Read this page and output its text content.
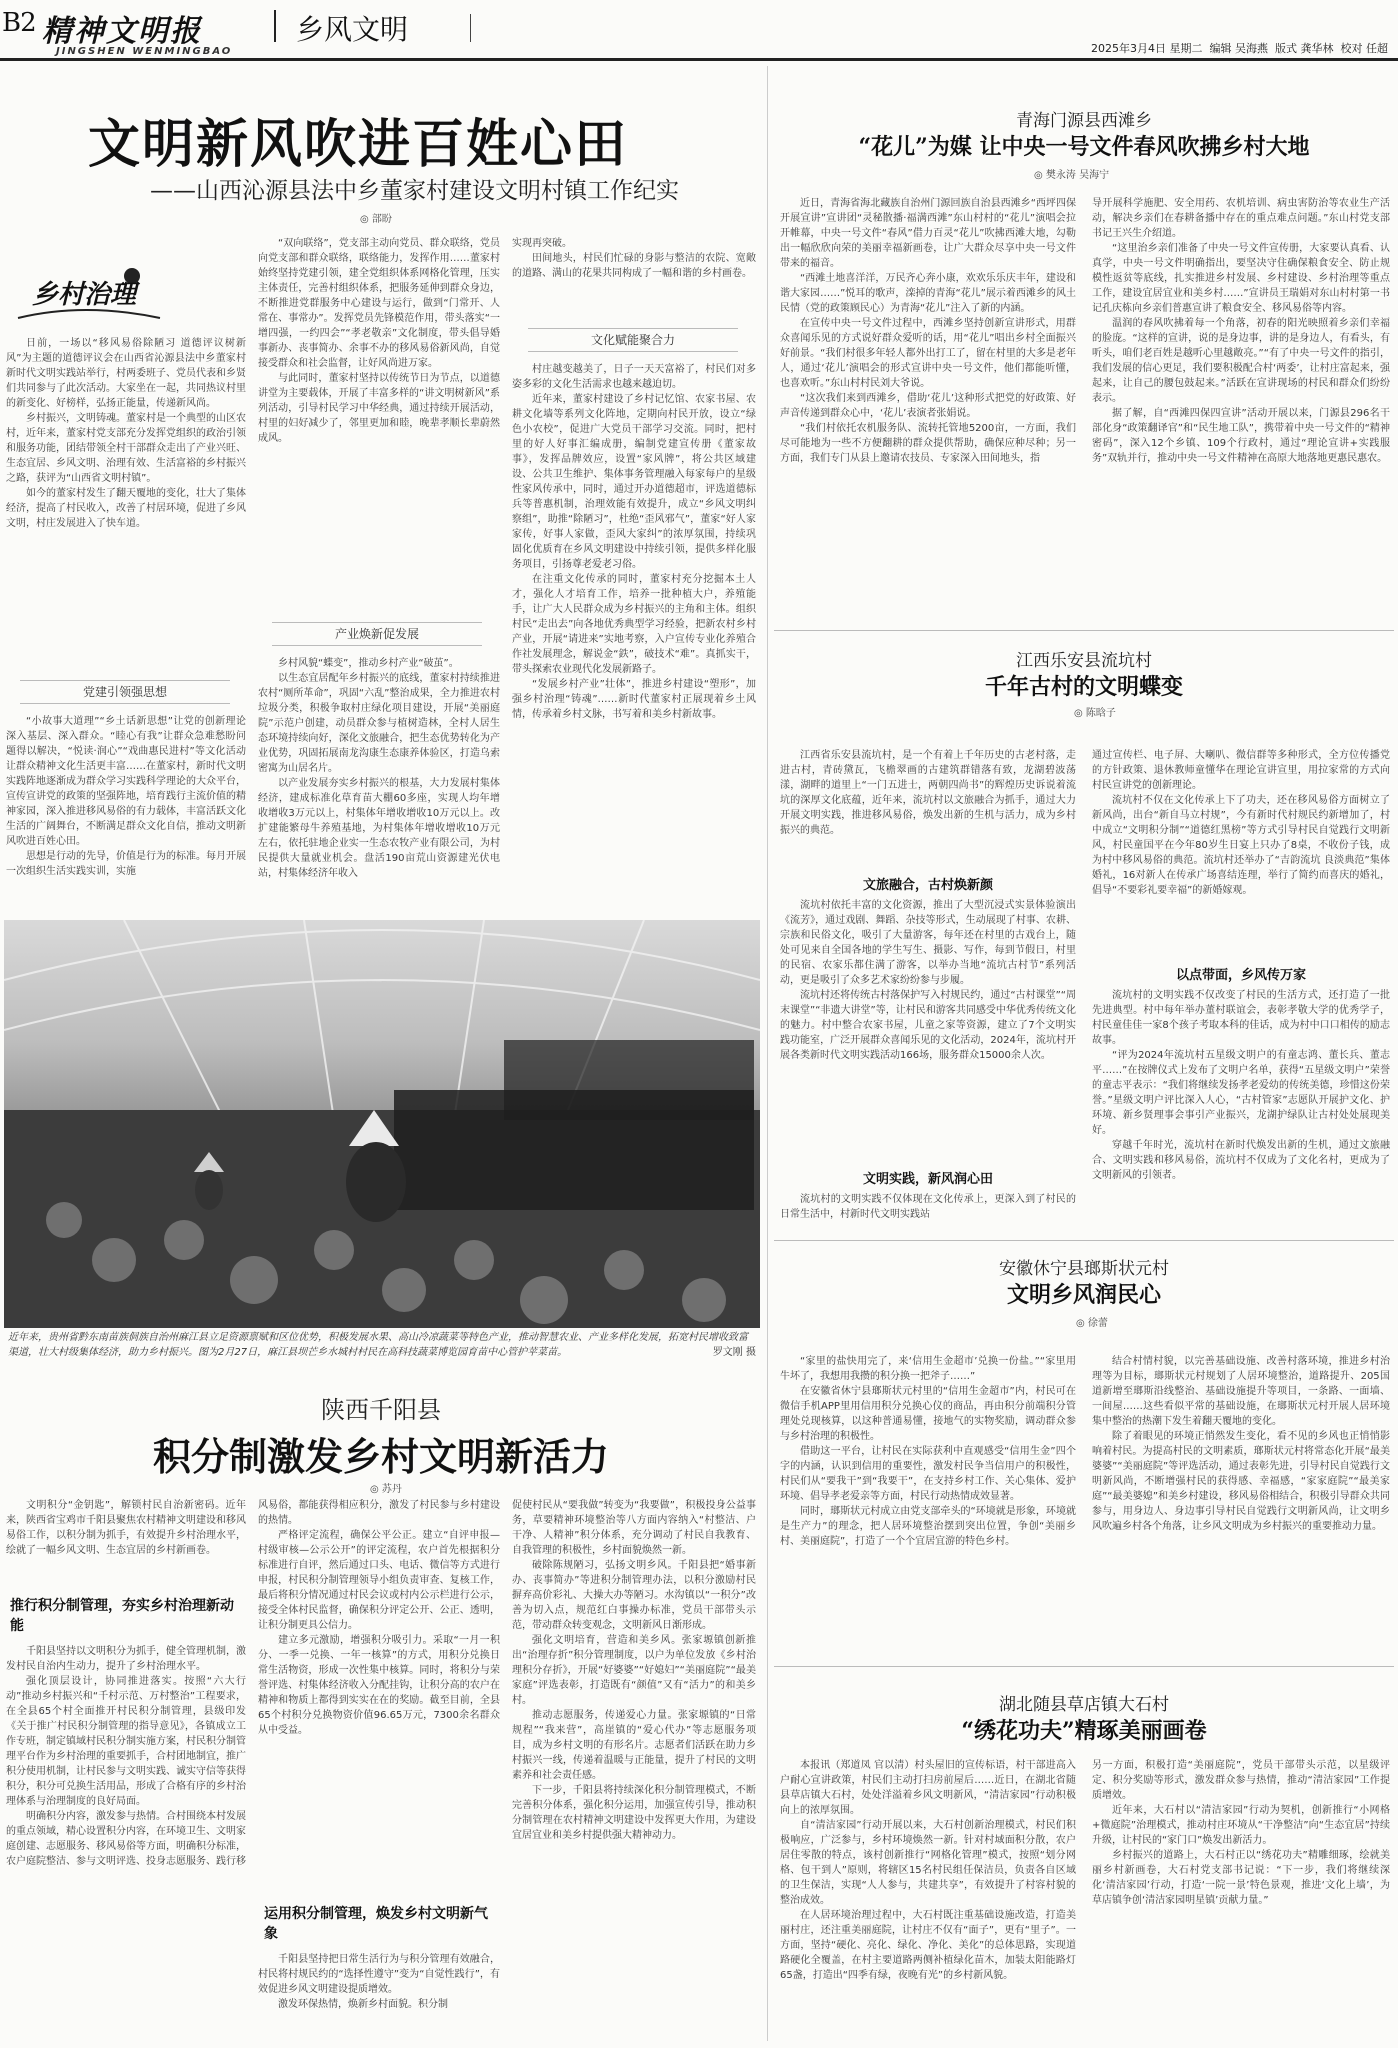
B2 精神文明报
JINGSHEN WENMINGBAO
乡风文明
2025年3月4日 星期二 编辑 吴海燕 版式 龚华林 校对 任超
文明新风吹进百姓心田
——山西沁源县法中乡董家村建设文明村镇工作纪实
◎ 部盼
乡村治理

日前，一场以“移风易俗除陋习 道德评议树新风”为主题的道德评议会在山西省沁源县法中乡董家村新时代文明实践站举行，村两委班子、党员代表和乡贤们共同参与了此次活动。大家坐在一起，共同热议村里的新变化、好榜样，弘扬正能量，传递新风尚。

乡村振兴，文明铸魂。董家村是一个典型的山区农村，近年来，董家村党支部充分发挥党组织的政治引领和服务功能，团结带领全村干部群众走出了产业兴旺、生态宜居、乡风文明、治理有效、生活富裕的乡村振兴之路，获评为“山西省文明村镇”。

如今的董家村发生了翻天覆地的变化，壮大了集体经济，提高了村民收入，改善了村居环境，促进了乡风文明，村庄发展进入了快车道。

党建引领强思想

“小故事大道理”“乡土话新思想”让党的创新理论深入基层、深入群众。“睦心有我”让群众急难愁盼问题得以解决，“悦读·润心”“戏曲惠民进村”等文化活动让群众精神文化生活更丰富……在董家村，新时代文明实践阵地逐渐成为群众学习实践科学理论的大众平台，宣传宣讲党的政策的坚强阵地，培育践行主流价值的精神家园，深入推进移风易俗的有力载体，丰富活跃文化生活的广阔舞台，不断满足群众文化自信，推动文明新风吹进百姓心田。

思想是行动的先导，价值是行为的标准。每月开展一次组织生活实践实训，实施

“双向联络”，党支部主动向党员、群众联络，党员向党支部和群众联络，联络能力，发挥作用……董家村始终坚持党建引领，建全党组织体系网格化管理，压实主体责任，完善村组织体系，把服务延伸到群众身边，不断推进党群服务中心建设与运行，做到“门常开、人常在、事常办”。发挥党员先锋模范作用，带头落实“一增四强，一约四会”“孝老敬亲”文化制度，带头倡导婚事新办、丧事简办、余事不办的移风易俗新风尚，自觉接受群众和社会监督，让好风尚进万家。

与此同时，董家村坚持以传统节日为节点，以道德讲堂为主要载体，开展了丰富多样的“讲文明树新风”系列活动，引导村民学习中华经典，通过持续开展活动，村里的妇好减少了，邻里更加和睦，晚辈孝顺长辈蔚然成风。

产业焕新促发展

乡村风貌“蝶变”，推动乡村产业“破茧”。

以生态宜居配年乡村振兴的底线，董家村持续推进农村“厕所革命”，巩固“六乱”整治成果，全力推进农村垃圾分类，积极争取村庄绿化项目建设，开展“美丽庭院”示范户创建，动员群众参与植树造林，全村人居生态环境持续向好，深化文旅融合，把生态优势转化为产业优势，巩固拓展南龙沟康生态康养体验区，打造乌索密寓为山居名片。

以产业发展夯实乡村振兴的根基，大力发展村集体经济，建成标准化草育苗大棚60多座，实现人均年增收增收3万元以上，村集体年增收增收10万元以上。改扩建能繁母牛养殖基地，为村集体年增收增收10万元左右，依托驻地企业实一生态农牧产业有限公司，为村民提供大量就业机会。盘活190亩荒山资源建光伏电站，村集体经济年收入

实现再突破。

田间地头，村民们忙碌的身影与整洁的农院、宽敞的道路、满山的花果共同构成了一幅和谐的乡村画卷。

文化赋能聚合力

村庄越变越美了，日子一天天富裕了，村民们对多姿多彩的文化生活需求也越来越迫切。

近年来，董家村建设了乡村记忆馆、农家书屋、农耕文化墙等系列文化阵地，定期向村民开放，设立“绿色小农校”，促进广大党员干部学习交流。同时，把村里的好人好事汇编成册，编制党建宣传册《董家故事》，发挥品牌效应，设置“家风牌”，将公共区域建设、公共卫生维护、集体事务管理融入每家每户的星级性家风传承中，同时，通过开办道德超市，评选道德标兵等普惠机制，治理效能有效提升，成立“乡风文明纠察组”，助推“除陋习”，杜绝“歪风邪气”，董家“好人家家传，好事人家做，歪风大家纠”的浓厚氛围，持续巩固化优质育在乡风文明建设中持续引领，提供多样化服务项目，引扬尊老爱老习俗。

在注重文化传承的同时，董家村充分挖掘本土人才，强化人才培育工作，培养一批种植大户，养殖能手，让广大人民群众成为乡村振兴的主角和主体。组织村民“走出去”向各地优秀典型学习经验，把新农村乡村产业，开展“请进来”实地考察，入户宣传专业化养殖合作社发展理念，解说金“鉄”，破技术“难”。真抓实干，带头探索农业现代化发展新路子。

“发展乡村产业”壮体”，推进乡村建设“塑形”，加强乡村治理“铸魂”……新时代董家村正展现着乡土风情，传承着乡村文脉，书写着和美乡村新故事。

近年来，贵州省黔东南苗族侗族自治州麻江县立足资源禀赋和区位优势，积极发展水果、高山冷凉蔬菜等特色产业，推动智慧农业、产业多样化发展，拓宽村民增收致富渠道，壮大村级集体经济，助力乡村振兴。图为2月27日，麻江县坝芒乡水城村村民在高科技蔬菜博览园育苗中心管护苹菜苗。	罗文刚 摄
陕西千阳县
积分制激发乡村文明新活力
◎ 苏丹

文明积分“金钥匙”，解锁村民自治新密码。近年来，陕西省宝鸡市千阳县聚焦农村精神文明建设和移风易俗工作，以积分制为抓手，有效提升乡村治理水平，绘就了一幅乡风文明、生态宜居的乡村新画卷。

推行积分制管理，夯实乡村治理新动能

千阳县坚持以文明积分为抓手，健全管理机制，激发村民自治内生动力，提升了乡村治理水平。

强化顶层设计，协同推进落实。按照“六大行动”推动乡村振兴和“千村示范、万村整治”工程要求，在全县65个村全面推开村民积分制管理，县级印发《关于推广村民积分制管理的指导意见》，各镇成立工作专班，制定镇域村民积分制实施方案，村民积分制管理平台作为乡村治理的重要抓手，合村团地制宜，推广积分使用机制，让村民参与文明实践、诚实守信等获得积分，积分可兑换生活用品，形成了合格有序的乡村治理体系与治理制度的良好局面。

明确积分内容，激发参与热情。合村围绕本村发展的重点领域，精心设置积分内容，在环境卫生、文明家庭创建、志愿服务、移风易俗等方面，明确积分标准，农户庭院整洁、参与文明评选、投身志愿服务、践行移

风易俗，都能获得相应积分，激发了村民参与乡村建设的热情。

严格评定流程，确保公平公正。建立“自评申报—村级审核—公示公开”的评定流程，农户首先根据积分标准进行自评，然后通过口头、电话、微信等方式进行申报，村民积分制管理领导小组负责审查、复核工作，最后将积分情况通过村民会议或村内公示栏进行公示，接受全体村民监督，确保积分评定公开、公正、透明，让积分制更具公信力。

建立多元激励，增强积分吸引力。采取“一月一积分、一季一兑换、一年一核算”的方式，用积分兑换日常生活物资，形成一次性集中核算。同时，将积分与荣誉评选、村集体经济收入分配挂钩，让积分高的农户在精神和物质上都得到实实在在的奖励。截至目前，全县65个村积分兑换物资价值96.65万元，7300余名群众从中受益。

运用积分制管理，焕发乡村文明新气象

千阳县坚持把日常生活行为与积分管理有效融合，村民将村规民约的“选择性遵守”变为“自觉性践行”，有效促进乡风文明建设提质增效。

激发环保热情，焕新乡村面貌。积分制

促使村民从“要我做”转变为“我要做”，积极投身公益事务，草要精神环境整治等八方面内容纳入“村整洁、户干净、人精神”积分体系，充分调动了村民自我教育、自我管理的积极性，乡村面貌焕然一新。

破除陈规陋习，弘扬文明乡风。千阳县把“婚事新办、丧事简办”等进积分制管理办法，以积分激励村民摒弃高价彩礼、大操大办等陋习。水沟镇以“一积分”改善为切入点，规范红白事操办标准，党员干部带头示范，带动群众转变观念，文明新风日渐形成。

强化文明培育，营造和美乡风。张家塬镇创新推出“治理存折”积分管理制度，以户为单位发放《乡村治理积分存折》，开展“好婆婆”“好媳妇”“美丽庭院”“最美家庭”评选表彰，打造既有“颜值”又有“活力”的和美乡村。

推动志愿服务，传递爱心力量。张家塬镇的“日常规程”“我来营”，高崖镇的“爱心代办”等志愿服务项目，成为乡村文明的有形名片。志愿者们活跃在助力乡村振兴一线，传递着温暖与正能量，提升了村民的文明素养和社会责任感。

下一步，千阳县将持续深化积分制管理模式，不断完善积分体系，强化积分运用，加强宣传引导，推动积分制管理在农村精神文明建设中发挥更大作用，为建设宜居宜业和美乡村提供强大精神动力。

青海门源县西滩乡
“花儿”为媒 让中央一号文件春风吹拂乡村大地
◎ 樊永涛 吴海宁

近日，青海省海北藏族自治州门源回族自治县西滩乡“西坪四保开展宣讲”宣讲团“灵秘散播·福满西滩”东山村村的“花儿”演唱会拉开帷幕，中央一号文件“春风”借力百灵“花儿”吹拂西滩大地，勾勒出一幅欣欣向荣的美丽幸福新画卷，让广大群众尽享中央一号文件带来的福音。

“西滩土地喜洋洋，万民齐心奔小康，欢欢乐乐庆丰年，建设和谐大家园……”悦耳的歌声，滦掉的青海“花儿”展示着西滩乡的风土民情（党的政策顾民心）为青海“花儿”注入了新的内涵。

在宣传中央一号文件过程中，西滩乡坚持创新宣讲形式，用群众喜闻乐见的方式说好群众爱听的话，用“花儿”唱出乡村全面振兴好前景。“我们村很多年轻人都外出打工了，留在村里的大多是老年人，通过‘花儿’演唱会的形式宣讲中央一号文件，他们都能听懂，也喜欢听。”东山村村民刘大爷说。

“这次我们来到西滩乡，借助‘花儿’这种形式把党的好政策、好声音传递到群众心中，‘花儿’表演者张娟说。

“我们村依托农机服务队、流转托管地5200亩，一方面，我们尽可能地为一些不方便翻耕的群众提供帮助，确保应种尽种；另一方面，我们专门从县上邀请农技员、专家深入田间地头，指

导开展科学施肥、安全用药、农机培训、病虫害防治等农业生产活动，解决乡亲们在春耕备播中存在的重点难点问题。”东山村党支部书记王兴生介绍道。

“这里治乡亲们准备了中央一号文件宣传册，大家要认真看、认真学，中央一号文件明确指出，要坚决守住确保粮食安全、防止规模性返贫等底线，扎实推进乡村发展、乡村建设、乡村治理等重点工作，建设宜居宜业和美乡村……”宣讲员王瑞娟对东山村村第一书记孔庆栋向乡亲们普惠宣讲了粮食安全、移风易俗等内容。

温润的春风吹拂着每一个角落，初春的阳光映照着乡亲们幸福的脸庞。“这样的宣讲，说的是身边事，讲的是身边人，有看头，有听头，咱们老百姓是越听心里越敞亮。”“有了中央一号文件的指引，我们发展的信心更足，我们要积极配合村‘两委’，让村庄富起来，强起来，让自己的腰包鼓起来。”活跃在宣讲现场的村民和群众们纷纷表示。

据了解，自“西滩四保四宣讲”活动开展以来，门源县296名干部化身“政策翻译官”和“民生地工队”，携带着中央一号文件的“精神密码”，深入12个乡镇、109个行政村，通过“理论宣讲+实践服务”双轨并行，推动中央一号文件精神在高原大地落地更惠民惠农。

江西乐安县流坑村
千年古村的文明蝶变
◎ 陈晗子

江西省乐安县流坑村，是一个有着上千年历史的古老村落，走进古村，青砖黛瓦，飞檐翠画的古建筑群错落有致，龙湖碧波荡漾，湖畔的道里上“一门五进士，两朝四尚书”的辉煌历史诉说着流坑的深厚文化底蕴，近年来，流坑村以文旅融合为抓手，通过大力开展文明实践，推进移风易俗，焕发出新的生机与活力，成为乡村振兴的典范。

文旅融合，古村焕新颜

流坑村依托丰富的文化资源，推出了大型沉浸式实景体验演出《流芳》，通过戏剧、舞蹈、杂技等形式，生动展现了村事、农耕、宗族和民俗文化，吸引了大量游客，每年还在村里的古戏台上，随处可见来自全国各地的学生写生、摄影、写作，每到节假日，村里的民宿、农家乐都住满了游客，以举办当地“流坑古村节”系列活动，更是吸引了众多艺术家纷纷参与步履。

流坑村还将传统古村落保护写入村规民约，通过“古村课堂”“周末课堂”“非遗大讲堂”等，让村民和游客共同感受中华优秀传统文化的魅力。村中整合农家书屋，儿童之家等资源，建立了7个文明实践功能室，广泛开展群众喜闻乐见的文化活动，2024年，流坑村开展各类新时代文明实践活动166场，服务群众15000余人次。

文明实践，新风润心田

流坑村的文明实践不仅体现在文化传承上，更深入到了村民的日常生活中，村新时代文明实践站

通过宣传栏、电子屏、大喇叭、微信群等多种形式，全方位传播党的方针政策、退休教师童懂华在理论宣讲宣里，用拉家常的方式向村民宣讲党的创新理论。

流坑村不仅在文化传承上下了功夫，还在移风易俗方面树立了新风尚，出台“新自马立村规”，今有新时代村规民约新增加了，村中成立“文明积分制”“道德红黑榜”等方式引导村民自觉践行文明新风，村民童国平在今年80岁生日宴上只办了8桌，不收份子钱，成为村中移风易俗的典范。流坑村还举办了“吉韵流坑 良淡典范”集体婚礼，16对新人在传承广场喜结连理，举行了简约而喜庆的婚礼，倡导“不要彩礼要幸福”的新婚嫁观。

以点带面，乡风传万家

流坑村的文明实践不仅改变了村民的生活方式，还打造了一批先进典型。村中每年举办董村联谊会，表彰孝敬大学的优秀学子，村民童佳佳一家8个孩子考取本科的佳话，成为村中口口相传的励志故事。

“评为2024年流坑村五星级文明户的有童志鸿、董长兵、董志平……”在按牌仪式上发布了文明户名单，获得“五星级文明户”荣誉的童志平表示：“我们将继续发扬孝老爱幼的传统美德，珍惜这份荣誉。”星级文明户评比深入人心，“古村管家”志愿队开展护文化、护环境、新乡贤理事会事引产业振兴，龙湖护绿队让古村处处展现美好。

穿越千年时光，流坑村在新时代焕发出新的生机，通过文旅融合、文明实践和移风易俗，流坑村不仅成为了文化名村，更成为了文明新风的引领者。

安徽休宁县瑯斯状元村
文明乡风润民心
◎ 徐蕾

“家里的盐快用完了，来‘信用生金超市’兑换一份盐。”“家里用牛坏了，我想用我攒的积分换一把斧子……”

在安徽省休宁县瑯斯状元村里的“信用生金超市”内，村民可在微信手机APP里用信用积分兑换心仪的商品，再由积分前端积分管理处兑现核算，以这种普通易懂，接地气的实物奖励，调动群众参与乡村治理的积极性。

借助这一平台，让村民在实际获利中直观感受“信用生金”四个字的内涵，认识到信用的重要性，激发村民争当信用户的积极性，村民们从“要我干”到“我要干”，在支持乡村工作、关心集体、爱护环境、倡导孝老爱亲等方面，村民行动热情成效显著。

同时，瑯斯状元村成立由党支部牵头的“环境就是形象，环境就是生产力”的理念，把人居环境整治摆到突出位置，争创“美丽乡村、美丽庭院”，打造了一个个宜居宜游的特色乡村。

结合村情村貌，以完善基础设施、改善村落环境，推进乡村治理等为目标，瑯斯状元村规划了人居环境整治，道路提升、205国道新增至瑯斯沿线整治、基础设施提升等项目，一条路、一面墙、一间屋……这些看似平常的基础设施，在瑯斯状元村开展人居环境集中整治的热潮下发生着翻天覆地的变化。

除了着眼见的环境正悄然发生变化，看不见的乡风也正悄悄影响着村民。为提高村民的文明素质，瑯斯状元村将常态化开展“最美婆婆”“美丽庭院”等评选活动，通过表彰先进，引导村民自觉践行文明新风尚，不断增强村民的获得感、幸福感，“家家庭院”“最美家庭”“最美婆媳”和美乡村建设，移风易俗相结合，积极引导群众共同参与，用身边人、身边事引导村民自觉践行文明新风尚，让文明乡风吹遍乡村各个角落，让乡风文明成为乡村振兴的重要推动力量。

湖北随县草店镇大石村
“绣花功夫”精琢美丽画卷

本报讯（郑道凤 官以清）村头屋旧的宣传标语，村干部进高入户耐心宣讲政策，村民们主动打扫房前屋后……近日，在湖北省随县草店镇大石村，处处洋溢着乡风文明新风，“清洁家园”行动积极向上的浓厚氛围。

自“清洁家园”行动开展以来，大石村创新治理模式，村民们积极响应，广泛参与，乡村环境焕然一新。针对村域面积分散，农户居住零散的特点，该村创新推行“网格化管理”模式，按照“划分网格、包干到人”原则，将辖区15名村民组任保洁员，负责各自区域的卫生保洁，实现“人人参与，共建共享”，有效提升了村容村貌的整治成效。

在人居环境治理过程中，大石村既注重基础设施改造，打造美丽村庄，还注重美丽庭院，让村庄不仅有“面子”，更有“里子”。一方面，坚持“硬化、亮化、绿化、净化、美化”的总体思路，实现道路硬化全覆盖，在村主要道路两侧补植绿化苗木，加装太阳能路灯65盏，打造出“四季有绿，夜晚有光”的乡村新风貌。

另一方面，积极打造“美丽庭院”，党员干部带头示范，以星级评定、积分奖励等形式，激发群众参与热情，推动“清洁家园”工作提质增效。

近年来，大石村以“清洁家园”行动为契机，创新推行“小网格+微庭院”治理模式，推动村庄环境从“干净整洁”向“生态宜居”持续升级，让村民的“家门口”焕发出新活力。

乡村振兴的道路上，大石村正以“绣花功夫”精雕细琢，绘就美丽乡村新画卷，大石村党支部书记说：“下一步，我们将继续深化‘清洁家园’行动，打造‘一院一景’特色景观，推进‘文化上墙’，为草店镇争创‘清洁家园明星镇’贡献力量。”
